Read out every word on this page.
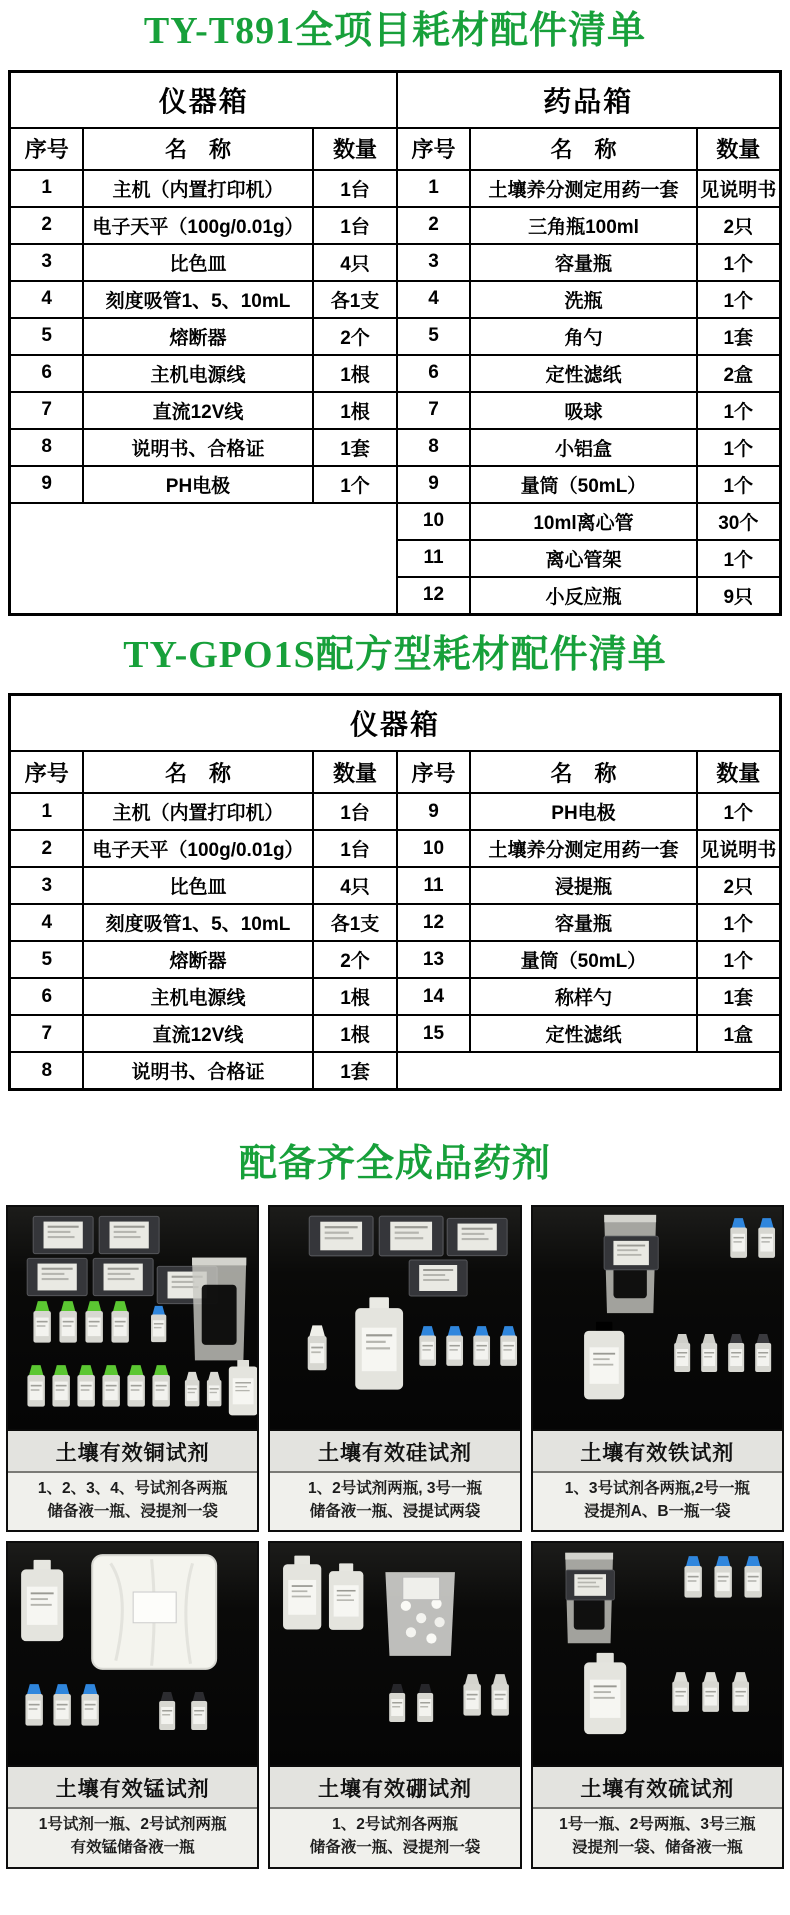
TY-T891全项目耗材配件清单
仪器箱			药品箱		
序号	名　称	数量	序号	名　称	数量
1	主机（内置打印机）	1台	1	土壤养分测定用药一套	见说明书
2	电子天平（100g/0.01g）	1台	2	三角瓶100ml	2只
3	比色皿	4只	3	容量瓶	1个
4	刻度吸管1、5、10mL	各1支	4	洗瓶	1个
5	熔断器	2个	5	角勺	1套
6	主机电源线	1根	6	定性滤纸	2盒
7	直流12V线	1根	7	吸球	1个
8	说明书、合格证	1套	8	小铝盒	1个
9	PH电极	1个	9	量筒（50mL）	1个
			10	10ml离心管	30个
			11	离心管架	1个
			12	小反应瓶	9只
TY-GPO1S配方型耗材配件清单
仪器箱					
序号	名　称	数量	序号	名　称	数量
1	主机（内置打印机）	1台	9	PH电极	1个
2	电子天平（100g/0.01g）	1台	10	土壤养分测定用药一套	见说明书
3	比色皿	4只	11	浸提瓶	2只
4	刻度吸管1、5、10mL	各1支	12	容量瓶	1个
5	熔断器	2个	13	量筒（50mL）	1个
6	主机电源线	1根	14	称样勺	1套
7	直流12V线	1根	15	定性滤纸	1盒
8	说明书、合格证	1套			
配备齐全成品药剂
土壤有效铜试剂
1、2、3、4、号试剂各两瓶
储备液一瓶、浸提剂一袋
土壤有效硅试剂
1、2号试剂两瓶, 3号一瓶
储备液一瓶、浸提试两袋
土壤有效铁试剂
1、3号试剂各两瓶,2号一瓶
浸提剂A、B一瓶一袋
土壤有效锰试剂
1号试剂一瓶、2号试剂两瓶
有效锰储备液一瓶
土壤有效硼试剂
1、2号试剂各两瓶
储备液一瓶、浸提剂一袋
土壤有效硫试剂
1号一瓶、2号两瓶、3号三瓶
浸提剂一袋、储备液一瓶
